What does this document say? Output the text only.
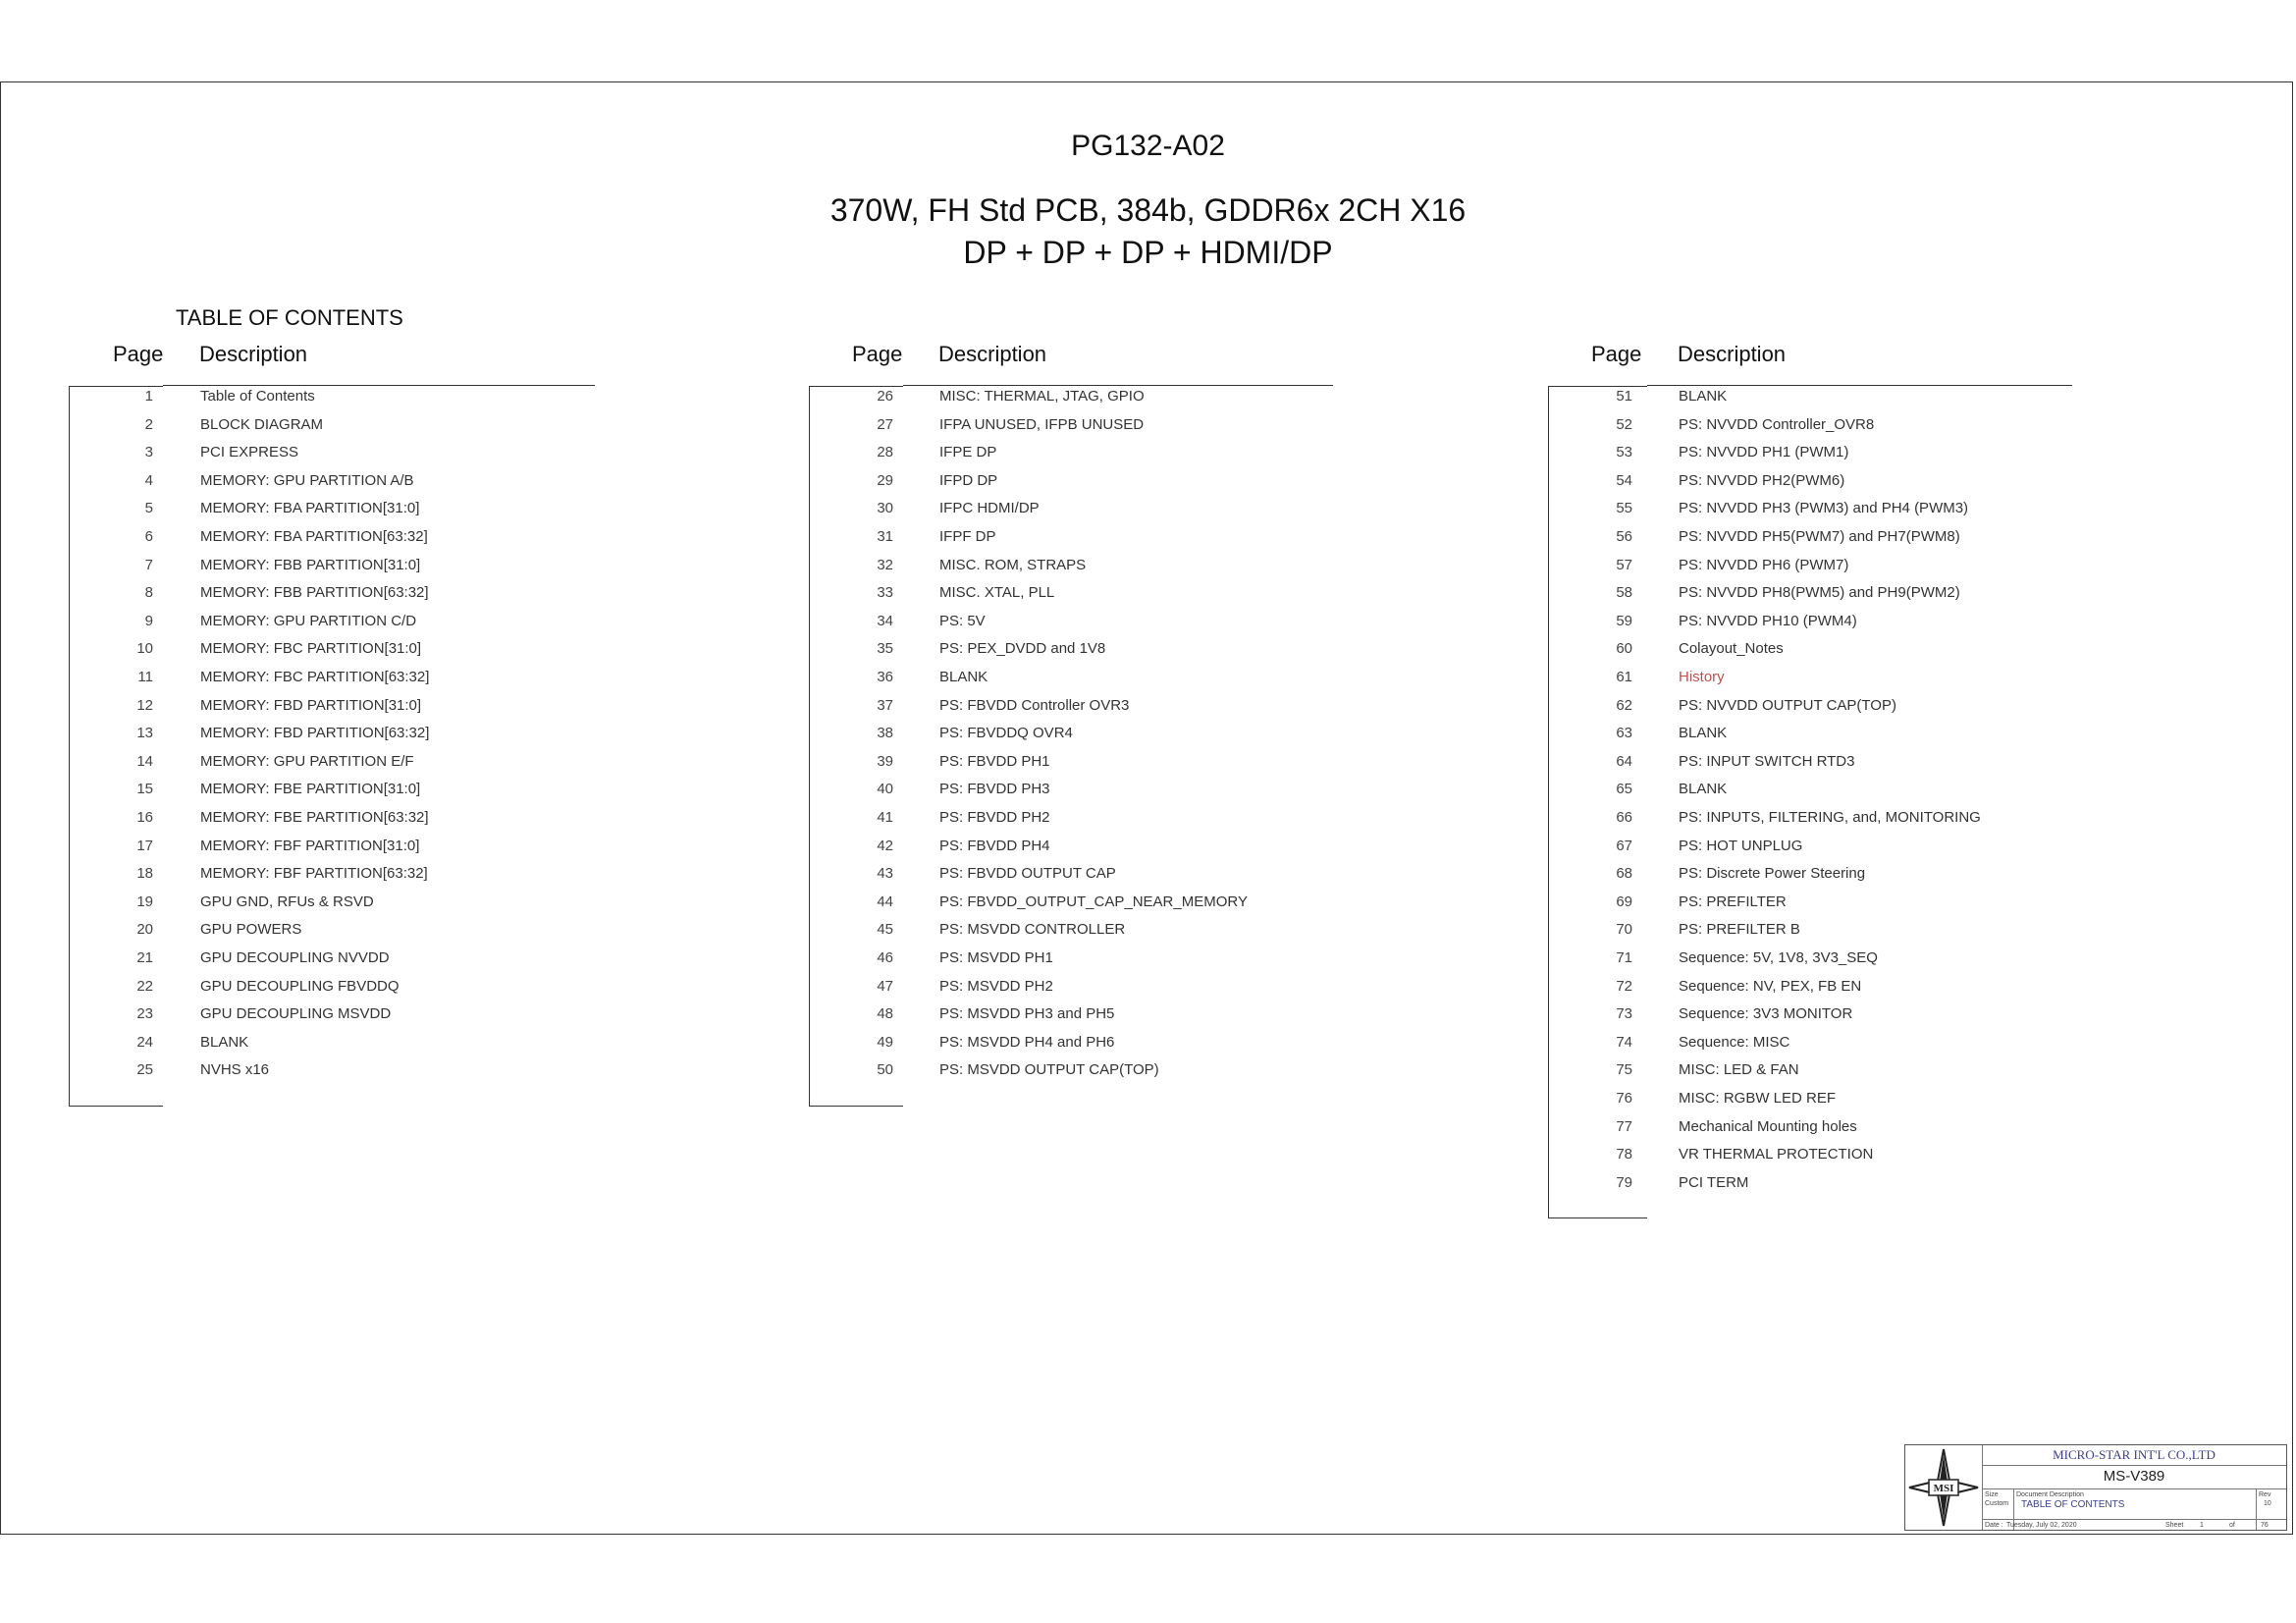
PG132-A02
370W, FH Std PCB, 384b, GDDR6x 2CH X16
DP + DP + DP + HDMI/DP
TABLE OF CONTENTS
Page Description
1	Table of Contents
2	BLOCK DIAGRAM
3	PCI EXPRESS
4	MEMORY: GPU PARTITION A/B
5	MEMORY: FBA PARTITION[31:0]
6	MEMORY: FBA PARTITION[63:32]
7	MEMORY: FBB PARTITION[31:0]
8	MEMORY: FBB PARTITION[63:32]
9	MEMORY: GPU PARTITION C/D
10	MEMORY: FBC PARTITION[31:0]
11	MEMORY: FBC PARTITION[63:32]
12	MEMORY: FBD PARTITION[31:0]
13	MEMORY: FBD PARTITION[63:32]
14	MEMORY: GPU PARTITION E/F
15	MEMORY: FBE PARTITION[31:0]
16	MEMORY: FBE PARTITION[63:32]
17	MEMORY: FBF PARTITION[31:0]
18	MEMORY: FBF PARTITION[63:32]
19	GPU GND, RFUs & RSVD
20	GPU POWERS
21	GPU DECOUPLING NVVDD
22	GPU DECOUPLING FBVDDQ
23	GPU DECOUPLING MSVDD
24	BLANK
25	NVHS x16
Page Description
26	MISC: THERMAL, JTAG, GPIO
27	IFPA UNUSED, IFPB UNUSED
28	IFPE DP
29	IFPD DP
30	IFPC HDMI/DP
31	IFPF DP
32	MISC. ROM, STRAPS
33	MISC. XTAL, PLL
34	PS: 5V
35	PS: PEX_DVDD and 1V8
36	BLANK
37	PS: FBVDD Controller OVR3
38	PS: FBVDDQ OVR4
39	PS: FBVDD PH1
40	PS: FBVDD PH3
41	PS: FBVDD PH2
42	PS: FBVDD PH4
43	PS: FBVDD OUTPUT CAP
44	PS: FBVDD_OUTPUT_CAP_NEAR_MEMORY
45	PS: MSVDD CONTROLLER
46	PS: MSVDD PH1
47	PS: MSVDD PH2
48	PS: MSVDD PH3 and PH5
49	PS: MSVDD PH4 and PH6
50	PS: MSVDD OUTPUT CAP(TOP)
Page Description
51	BLANK
52	PS: NVVDD Controller_OVR8
53	PS: NVVDD PH1 (PWM1)
54	PS: NVVDD PH2(PWM6)
55	PS: NVVDD PH3 (PWM3) and PH4 (PWM3)
56	PS: NVVDD PH5(PWM7) and PH7(PWM8)
57	PS: NVVDD PH6 (PWM7)
58	PS: NVVDD PH8(PWM5) and PH9(PWM2)
59	PS: NVVDD PH10 (PWM4)
60	Colayout_Notes
61	History
62	PS: NVVDD OUTPUT CAP(TOP)
63	BLANK
64	PS: INPUT SWITCH RTD3
65	BLANK
66	PS: INPUTS, FILTERING, and, MONITORING
67	PS: HOT UNPLUG
68	PS: Discrete Power Steering
69	PS: PREFILTER
70	PS: PREFILTER B
71	Sequence: 5V, 1V8, 3V3_SEQ
72	Sequence: NV, PEX, FB EN
73	Sequence: 3V3 MONITOR
74	Sequence: MISC
75	MISC: LED & FAN
76	MISC: RGBW LED REF
77	Mechanical Mounting holes
78	VR THERMAL PROTECTION
79	PCI TERM
MSI
MICRO-STAR INT'L CO.,LTD
MS-V389
Size
Custom
Document Description
TABLE OF CONTENTS
Rev
10
Date : Tuesday, July 02, 2020	Sheet 1	of	76
